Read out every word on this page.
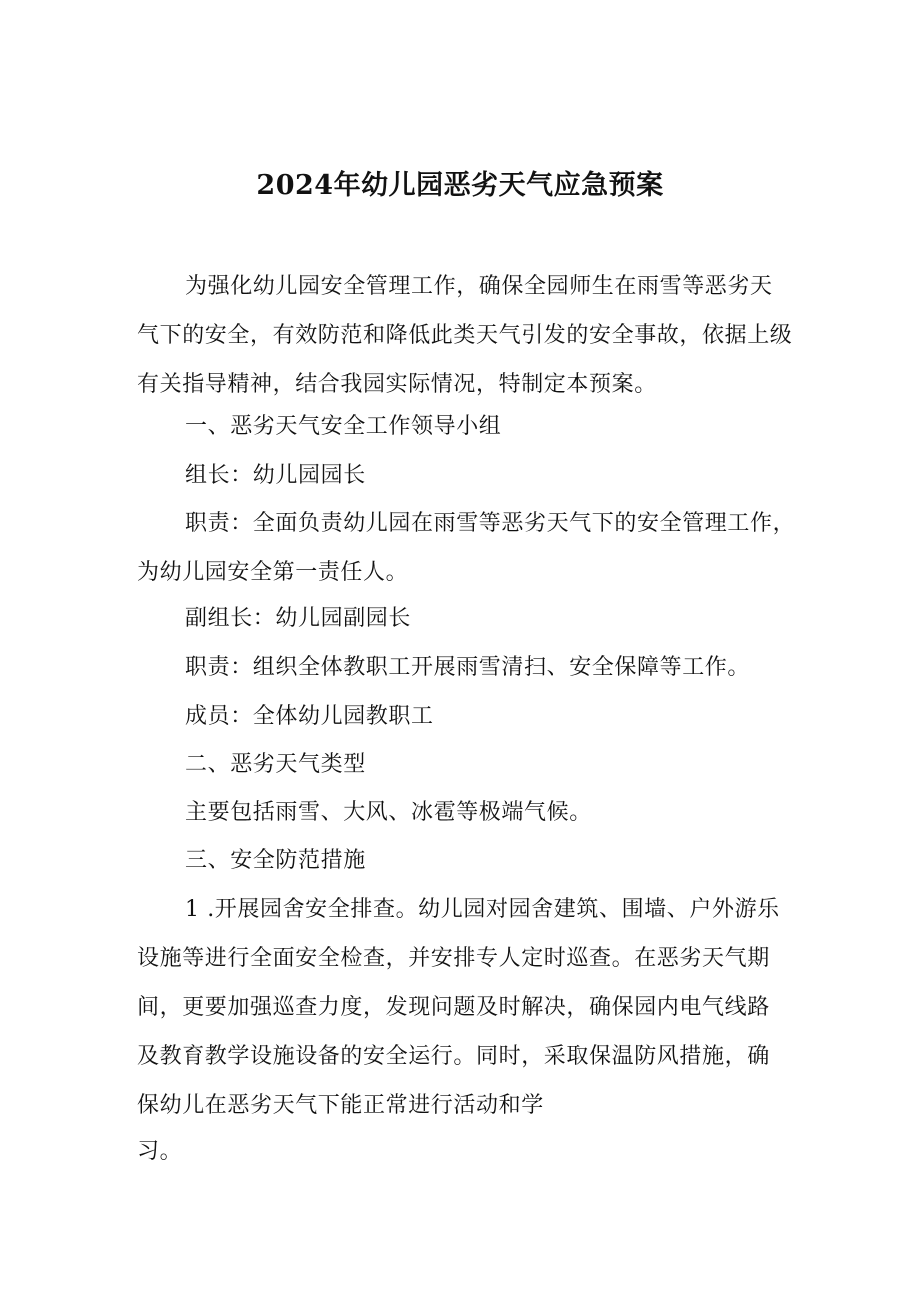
2024年幼儿园恶劣天气应急预案

为强化幼儿园安全管理工作，确保全园师生在雨雪等恶劣天
气下的安全，有效防范和降低此类天气引发的安全事故，依据上级
有关指导精神，结合我园实际情况，特制定本预案。

一、恶劣天气安全工作领导小组

组长：幼儿园园长

职责：全面负责幼儿园在雨雪等恶劣天气下的安全管理工作，
为幼儿园安全第一责任人。

副组长：幼儿园副园长

职责：组织全体教职工开展雨雪清扫、安全保障等工作。

成员：全体幼儿园教职工

二、恶劣天气类型

主要包括雨雪、大风、冰雹等极端气候。

三、安全防范措施

1 .开展园舍安全排查。幼儿园对园舍建筑、围墙、户外游乐
设施等进行全面安全检查，并安排专人定时巡查。在恶劣天气期
间，更要加强巡查力度，发现问题及时解决，确保园内电气线路
及教育教学设施设备的安全运行。同时，采取保温防风措施，确
保幼儿在恶劣天气下能正常进行活动和学
习。
